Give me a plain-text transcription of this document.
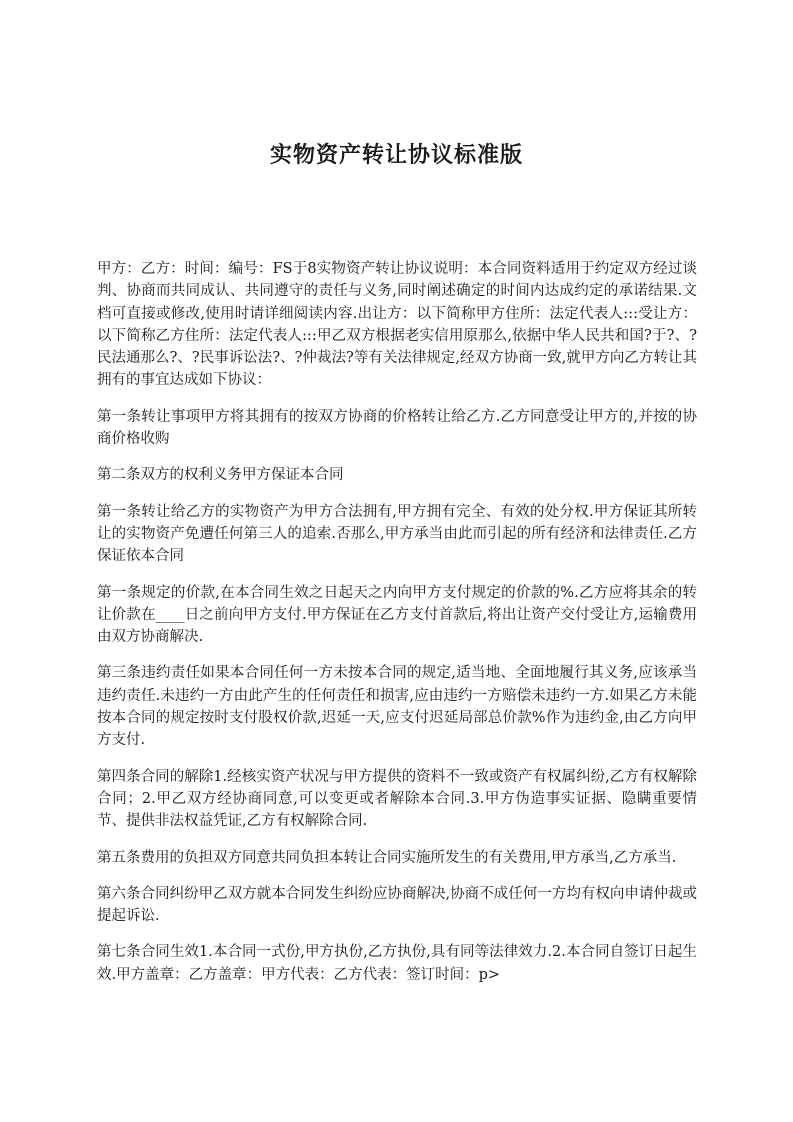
实物资产转让协议标准版

甲方：乙方：时间：编号：FS于8实物资产转让协议说明：本合同资料适用于约定双方经过谈判、协商而共同成认、共同遵守的责任与义务,同时阐述确定的时间内达成约定的承诺结果.文档可直接或修改,使用时请详细阅读内容.出让方：以下简称甲方住所：法定代表人:::受让方：以下简称乙方住所：法定代表人:::甲乙双方根据老实信用原那么,依据中华人民共和国?于?、?民法通那么?、?民事诉讼法?、?仲裁法?等有关法律规定,经双方协商一致,就甲方向乙方转让其拥有的事宜达成如下协议：

第一条转让事项甲方将其拥有的按双方协商的价格转让给乙方.乙方同意受让甲方的,并按的协商价格收购

第二条双方的权利义务甲方保证本合同

第一条转让给乙方的实物资产为甲方合法拥有,甲方拥有完全、有效的处分权.甲方保证其所转让的实物资产免遭任何第三人的追索.否那么,甲方承当由此而引起的所有经济和法律责任.乙方保证依本合同

第一条规定的价款,在本合同生效之日起天之内向甲方支付规定的价款的%.乙方应将其余的转让价款在____日之前向甲方支付.甲方保证在乙方支付首款后,将出让资产交付受让方,运输费用由双方协商解决.

第三条违约责任如果本合同任何一方未按本合同的规定,适当地、全面地履行其义务,应该承当违约责任.未违约一方由此产生的任何责任和损害,应由违约一方赔偿未违约一方.如果乙方未能按本合同的规定按时支付股权价款,迟延一天,应支付迟延局部总价款%作为违约金,由乙方向甲方支付.

第四条合同的解除1.经核实资产状况与甲方提供的资料不一致或资产有权属纠纷,乙方有权解除合同；2.甲乙双方经协商同意,可以变更或者解除本合同.3.甲方伪造事实证据、隐瞒重要情节、提供非法权益凭证,乙方有权解除合同.

第五条费用的负担双方同意共同负担本转让合同实施所发生的有关费用,甲方承当,乙方承当.

第六条合同纠纷甲乙双方就本合同发生纠纷应协商解决,协商不成任何一方均有权向申请仲裁或提起诉讼.

第七条合同生效1.本合同一式份,甲方执份,乙方执份,具有同等法律效力.2.本合同自签订日起生效.甲方盖章：乙方盖章：甲方代表：乙方代表：签订时间：p>
